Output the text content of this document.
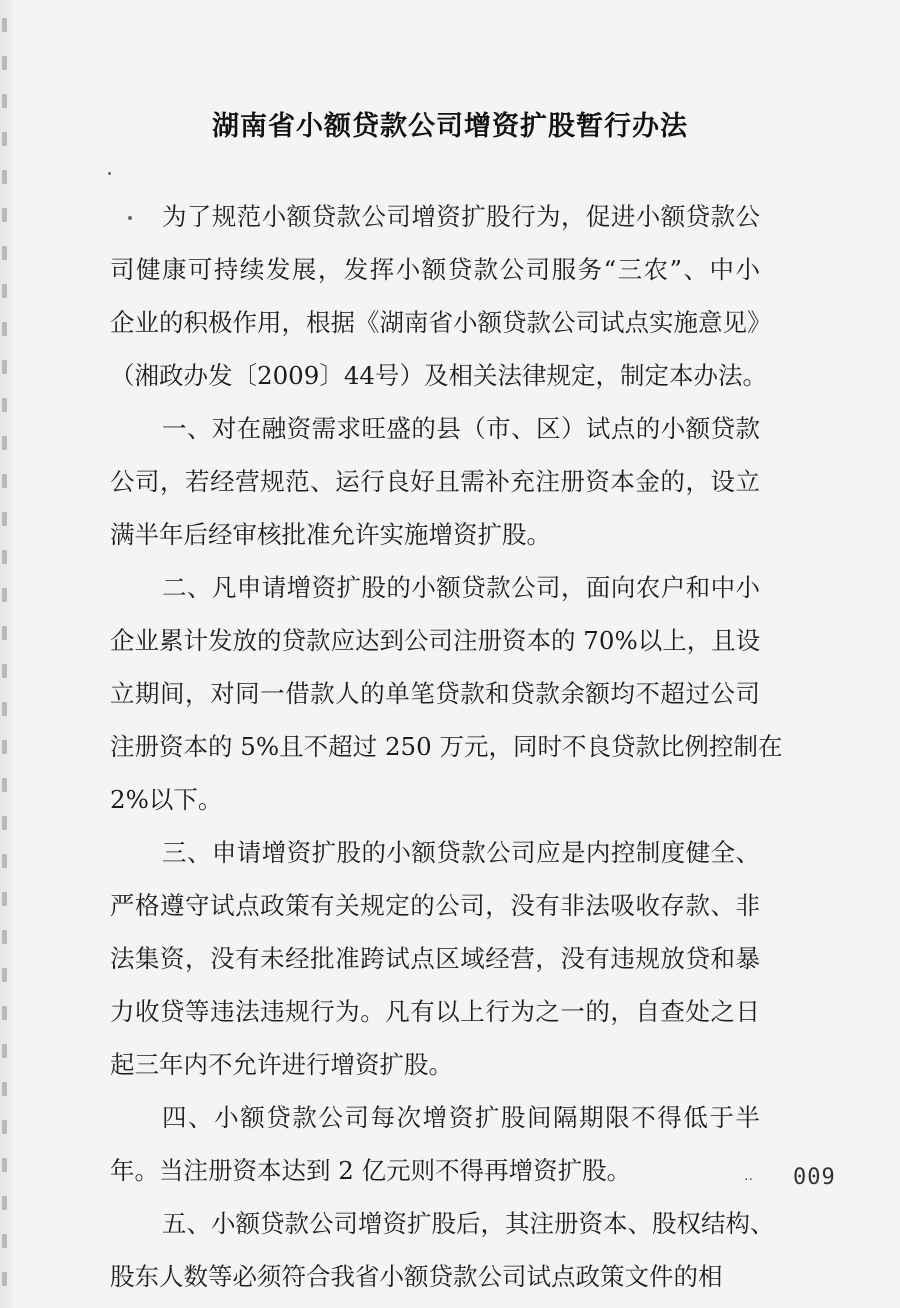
湖南省小额贷款公司增资扩股暂行办法
为了规范小额贷款公司增资扩股行为，促进小额贷款公
司健康可持续发展，发挥小额贷款公司服务“三农”、中小
企业的积极作用，根据《湖南省小额贷款公司试点实施意见》
（湘政办发〔2009〕44号）及相关法律规定，制定本办法。
一、对在融资需求旺盛的县（市、区）试点的小额贷款
公司，若经营规范、运行良好且需补充注册资本金的，设立
满半年后经审核批准允许实施增资扩股。
二、凡申请增资扩股的小额贷款公司，面向农户和中小
企业累计发放的贷款应达到公司注册资本的 70%以上，且设
立期间，对同一借款人的单笔贷款和贷款余额均不超过公司
注册资本的 5%且不超过 250 万元，同时不良贷款比例控制在
2%以下。
三、申请增资扩股的小额贷款公司应是内控制度健全、
严格遵守试点政策有关规定的公司，没有非法吸收存款、非
法集资，没有未经批准跨试点区域经营，没有违规放贷和暴
力收贷等违法违规行为。凡有以上行为之一的，自查处之日
起三年内不允许进行增资扩股。
四、小额贷款公司每次增资扩股间隔期限不得低于半
年。当注册资本达到 2 亿元则不得再增资扩股。
五、小额贷款公司增资扩股后，其注册资本、股权结构、
股东人数等必须符合我省小额贷款公司试点政策文件的相
·· 009
